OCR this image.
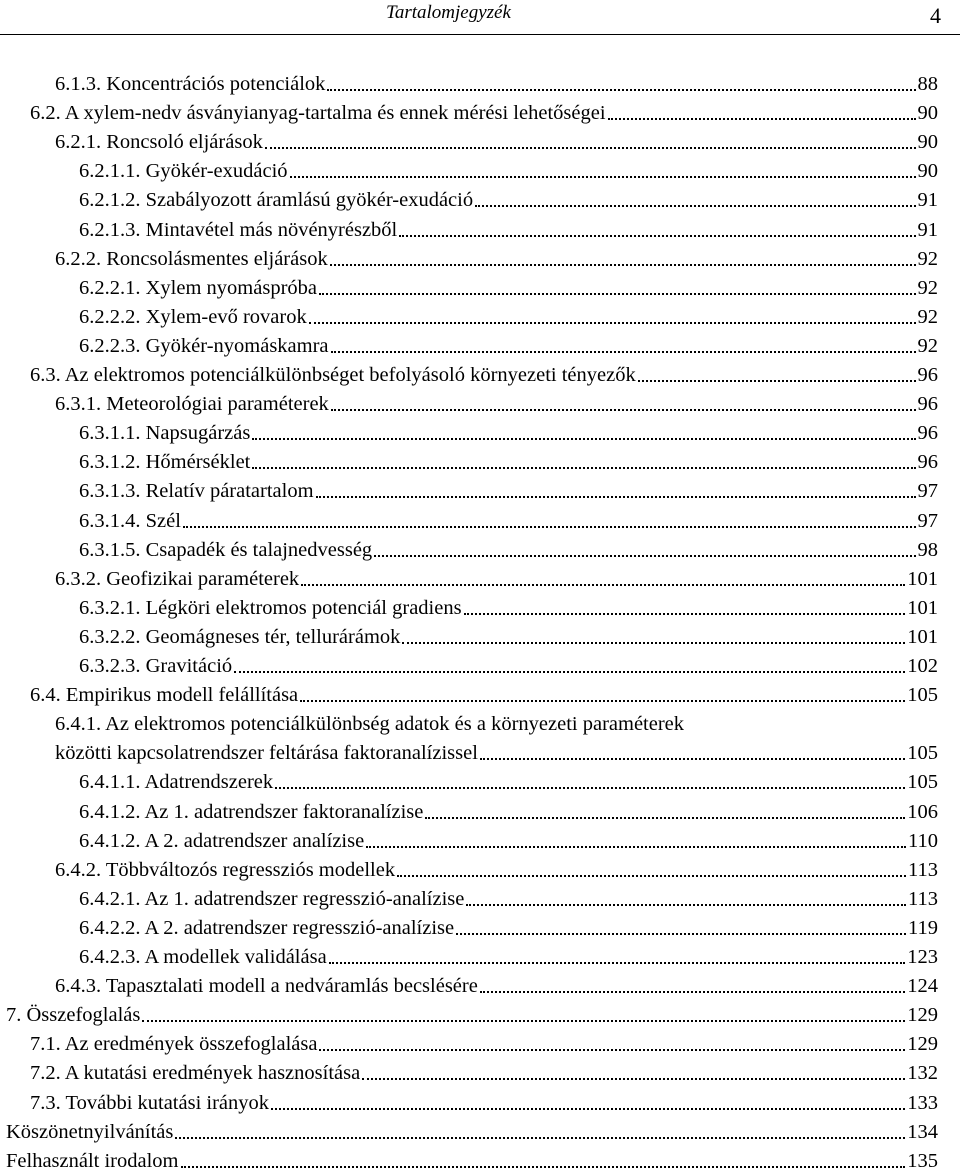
Tartalomjegyzék	4
6.1.3. Koncentrációs potenciálok	88
6.2. A xylem-nedv ásványianyag-tartalma és ennek mérési lehetőségei	90
6.2.1. Roncsoló eljárások	90
6.2.1.1. Gyökér-exudáció	90
6.2.1.2. Szabályozott áramlású gyökér-exudáció	91
6.2.1.3. Mintavétel más növényrészből	91
6.2.2. Roncsolásmentes eljárások	92
6.2.2.1. Xylem nyomáspróba	92
6.2.2.2. Xylem-evő rovarok	92
6.2.2.3. Gyökér-nyomáskamra	92
6.3. Az elektromos potenciálkülönbséget befolyásoló környezeti tényezők	96
6.3.1. Meteorológiai paraméterek	96
6.3.1.1. Napsugárzás	96
6.3.1.2. Hőmérséklet	96
6.3.1.3. Relatív páratartalom	97
6.3.1.4. Szél	97
6.3.1.5. Csapadék és talajnedvesség	98
6.3.2. Geofizikai paraméterek	101
6.3.2.1. Légköri elektromos potenciál gradiens	101
6.3.2.2. Geomágneses tér, tellurárámok	101
6.3.2.3. Gravitáció	102
6.4. Empirikus modell felállítása	105
6.4.1. Az elektromos potenciálkülönbség adatok és a környezeti paraméterek
közötti kapcsolatrendszer feltárása faktoranalízissel	105
6.4.1.1. Adatrendszerek	105
6.4.1.2. Az 1. adatrendszer faktoranalízise	106
6.4.1.2. A 2. adatrendszer analízise	110
6.4.2. Többváltozós regressziós modellek	113
6.4.2.1. Az 1. adatrendszer regresszió-analízise	113
6.4.2.2. A 2. adatrendszer regresszió-analízise	119
6.4.2.3. A modellek validálása	123
6.4.3. Tapasztalati modell a nedváramlás becslésére	124
7. Összefoglalás	129
7.1. Az eredmények összefoglalása	129
7.2. A kutatási eredmények hasznosítása	132
7.3. További kutatási irányok	133
Köszönetnyilvánítás	134
Felhasznált irodalom	135
